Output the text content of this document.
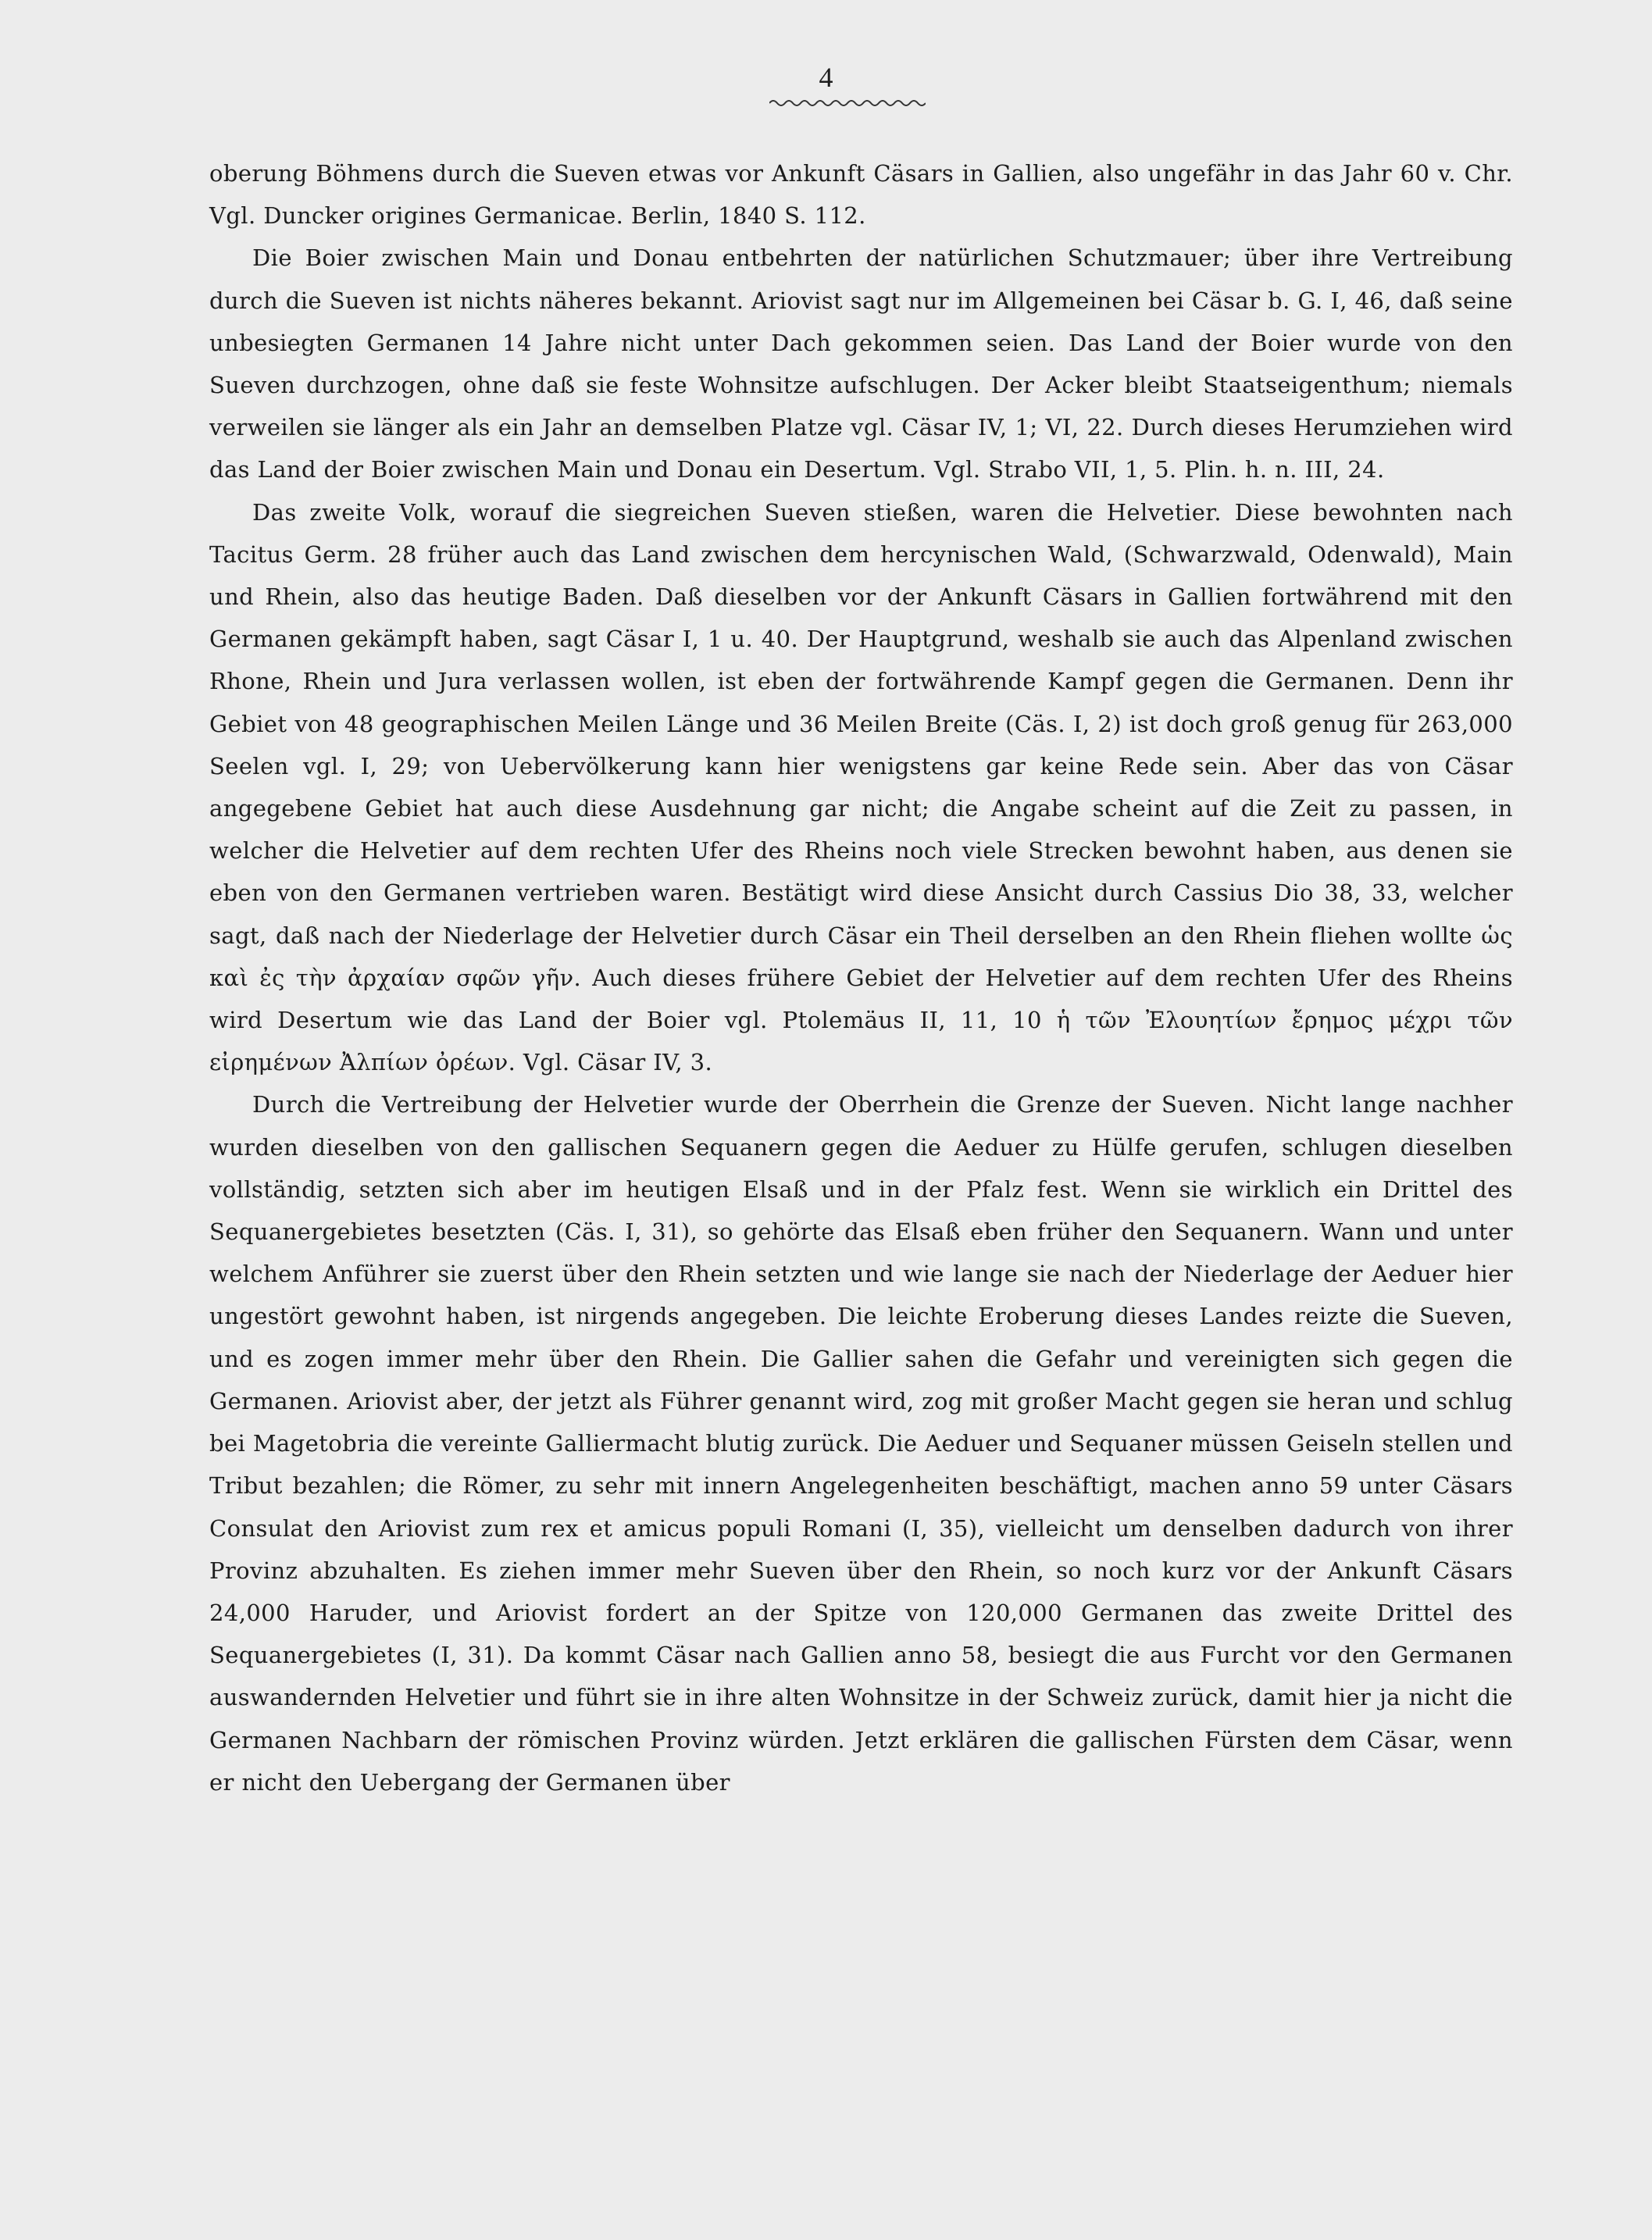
4

oberung Böhmens durch die Sueven etwas vor Ankunft Cäsars in Gallien, also ungefähr in das Jahr 60 v. Chr. Vgl. Duncker origines Germanicae. Berlin, 1840 S. 112.

Die Boier zwischen Main und Donau entbehrten der natürlichen Schutzmauer; über ihre Vertreibung durch die Sueven ist nichts näheres bekannt. Ariovist sagt nur im Allgemeinen bei Cäsar b. G. I, 46, daß seine unbesiegten Germanen 14 Jahre nicht unter Dach gekommen seien. Das Land der Boier wurde von den Sueven durchzogen, ohne daß sie feste Wohnsitze aufschlugen. Der Acker bleibt Staatseigenthum; niemals verweilen sie länger als ein Jahr an demselben Platze vgl. Cäsar IV, 1; VI, 22. Durch dieses Herumziehen wird das Land der Boier zwischen Main und Donau ein Desertum. Vgl. Strabo VII, 1, 5. Plin. h. n. III, 24.

Das zweite Volk, worauf die siegreichen Sueven stießen, waren die Helvetier. Diese bewohnten nach Tacitus Germ. 28 früher auch das Land zwischen dem hercynischen Wald, (Schwarzwald, Odenwald), Main und Rhein, also das heutige Baden. Daß dieselben vor der Ankunft Cäsars in Gallien fortwährend mit den Germanen gekämpft haben, sagt Cäsar I, 1 u. 40. Der Hauptgrund, weshalb sie auch das Alpenland zwischen Rhone, Rhein und Jura verlassen wollen, ist eben der fortwährende Kampf gegen die Germanen. Denn ihr Gebiet von 48 geographischen Meilen Länge und 36 Meilen Breite (Cäs. I, 2) ist doch groß genug für 263,000 Seelen vgl. I, 29; von Uebervölkerung kann hier wenigstens gar keine Rede sein. Aber das von Cäsar angegebene Gebiet hat auch diese Ausdehnung gar nicht; die Angabe scheint auf die Zeit zu passen, in welcher die Helvetier auf dem rechten Ufer des Rheins noch viele Strecken bewohnt haben, aus denen sie eben von den Germanen vertrieben waren. Bestätigt wird diese Ansicht durch Cassius Dio 38, 33, welcher sagt, daß nach der Niederlage der Helvetier durch Cäsar ein Theil derselben an den Rhein fliehen wollte ὡς καὶ ἐς τὴν ἀρχαίαν σφῶν γῆν. Auch dieses frühere Gebiet der Helvetier auf dem rechten Ufer des Rheins wird Desertum wie das Land der Boier vgl. Ptolemäus II, 11, 10 ἡ τῶν Ἐλουητίων ἔρημος μέχρι τῶν εἰρημένων Ἀλπίων ὀρέων. Vgl. Cäsar IV, 3.

Durch die Vertreibung der Helvetier wurde der Oberrhein die Grenze der Sueven. Nicht lange nachher wurden dieselben von den gallischen Sequanern gegen die Aeduer zu Hülfe gerufen, schlugen dieselben vollständig, setzten sich aber im heutigen Elsaß und in der Pfalz fest. Wenn sie wirklich ein Drittel des Sequanergebietes besetzten (Cäs. I, 31), so gehörte das Elsaß eben früher den Sequanern. Wann und unter welchem Anführer sie zuerst über den Rhein setzten und wie lange sie nach der Niederlage der Aeduer hier ungestört gewohnt haben, ist nirgends angegeben. Die leichte Eroberung dieses Landes reizte die Sueven, und es zogen immer mehr über den Rhein. Die Gallier sahen die Gefahr und vereinigten sich gegen die Germanen. Ariovist aber, der jetzt als Führer genannt wird, zog mit großer Macht gegen sie heran und schlug bei Magetobria die vereinte Galliermacht blutig zurück. Die Aeduer und Sequaner müssen Geiseln stellen und Tribut bezahlen; die Römer, zu sehr mit innern Angelegenheiten beschäftigt, machen anno 59 unter Cäsars Consulat den Ariovist zum rex et amicus populi Romani (I, 35), vielleicht um denselben dadurch von ihrer Provinz abzuhalten. Es ziehen immer mehr Sueven über den Rhein, so noch kurz vor der Ankunft Cäsars 24,000 Haruder, und Ariovist fordert an der Spitze von 120,000 Germanen das zweite Drittel des Sequanergebietes (I, 31). Da kommt Cäsar nach Gallien anno 58, besiegt die aus Furcht vor den Germanen auswandernden Helvetier und führt sie in ihre alten Wohnsitze in der Schweiz zurück, damit hier ja nicht die Germanen Nachbarn der römischen Provinz würden. Jetzt erklären die gallischen Fürsten dem Cäsar, wenn er nicht den Uebergang der Germanen über
